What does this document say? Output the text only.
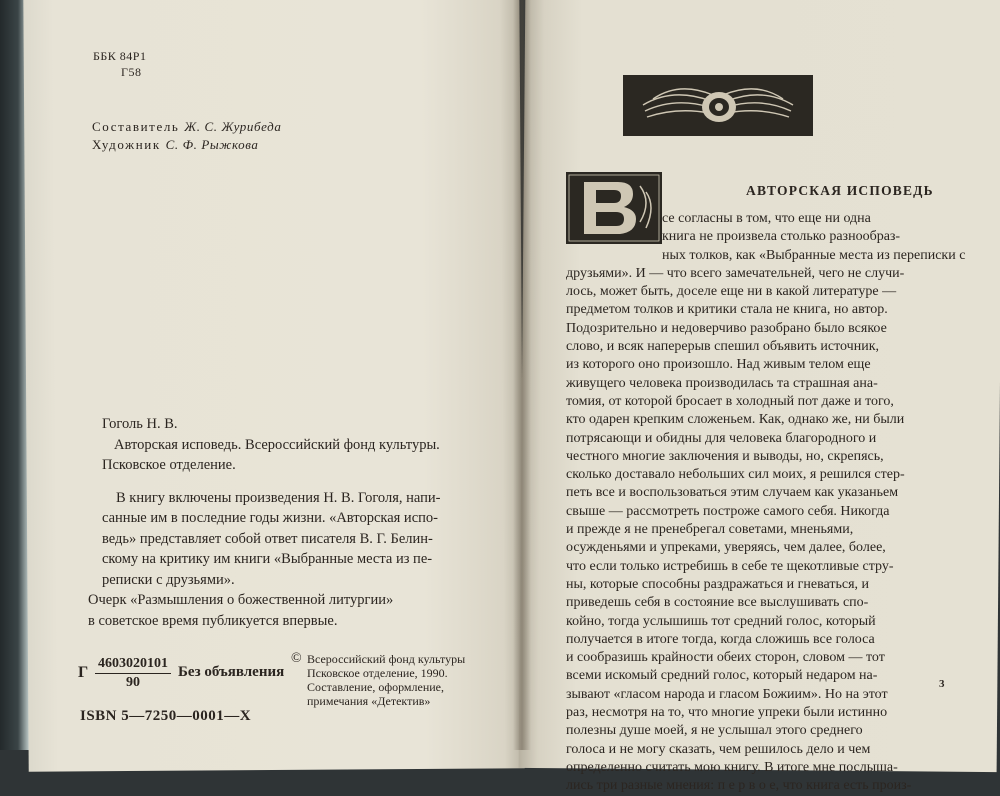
ББК 84Р1
Г58
Составитель Ж. С. Журибеда
Художник С. Ф. Рыжкова

Гоголь Н. В.

Авторская исповедь. Всероссийский фонд культуры.

Псковское отделение.

В книгу включены произведения Н. В. Гоголя, напи-

санные им в последние годы жизни. «Авторская испо-

ведь» представляет собой ответ писателя В. Г. Белин-

скому на критику им книги «Выбранные места из пе-

реписки с друзьями».

Очерк «Размышления о божественной литургии»

в советское время публикуется впервые.

Г $\frac{4603020101}{90}$ Без объявления
© Всероссийский фонд культуры
Псковское отделение, 1990.
Составление, оформление,
примечания «Детектив»
ISBN 5—7250—0001—X
АВТОРСКАЯ ИСПОВЕДЬ
се согласны в том, что еще ни одна
книга не произвела столько разнообраз-
ных толков, как «Выбранные места из переписки с
друзьями». И — что всего замечательней, чего не случи-
лось, может быть, доселе еще ни в какой литературе —
предметом толков и критики стала не книга, но автор.
Подозрительно и недоверчиво разобрано было всякое
слово, и всяк наперерыв спешил объявить источник,
из которого оно произошло. Над живым телом еще
живущего человека производилась та страшная ана-
томия, от которой бросает в холодный пот даже и того,
кто одарен крепким сложеньем. Как, однако же, ни были
потрясающи и обидны для человека благородного и
честного многие заключения и выводы, но, скрепясь,
сколько доставало небольших сил моих, я решился стер-
петь все и воспользоваться этим случаем как указаньем
свыше — рассмотреть построже самого себя. Никогда
и прежде я не пренебрегал советами, мненьями,
осужденьями и упреками, уверяясь, чем далее, более,
что если только истребишь в себе те щекотливые стру-
ны, которые способны раздражаться и гневаться, и
приведешь себя в состояние все выслушивать спо-
койно, тогда услышишь тот средний голос, который
получается в итоге тогда, когда сложишь все голоса
и сообразишь крайности обеих сторон, словом — тот
всеми искомый средний голос, который недаром на-
зывают «гласом народа и гласом Божиим». Но на этот
раз, несмотря на то, что многие упреки были истинно
полезны душе моей, я не услышал этого среднего
голоса и не могу сказать, чем решилось дело и чем
определенно считать мою книгу. В итоге мне послыша-
лись три разные мнения: п е р в о е, что книга есть произ-
3
